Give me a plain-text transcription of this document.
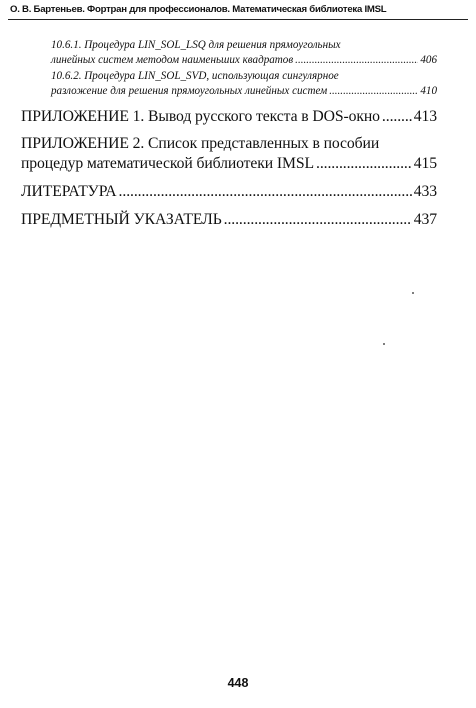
О. В. Бартеньев. Фортран для профессионалов. Математическая библиотека IMSL
10.6.1. Процедура LIN_SOL_LSQ для решения прямоугольных
линейных систем методом наименьших квадратов .....	406
10.6.2. Процедура LIN_SOL_SVD, использующая сингулярное
разложение для решения прямоугольных линейных систем .....	410
ПРИЛОЖЕНИЕ 1. Вывод русского текста в DOS-окно ..... 413
ПРИЛОЖЕНИЕ 2. Список представленных в пособии
процедур математической библиотеки IMSL .....	415
ЛИТЕРАТУРА .....	433
ПРЕДМЕТНЫЙ УКАЗАТЕЛЬ .....	437
448
